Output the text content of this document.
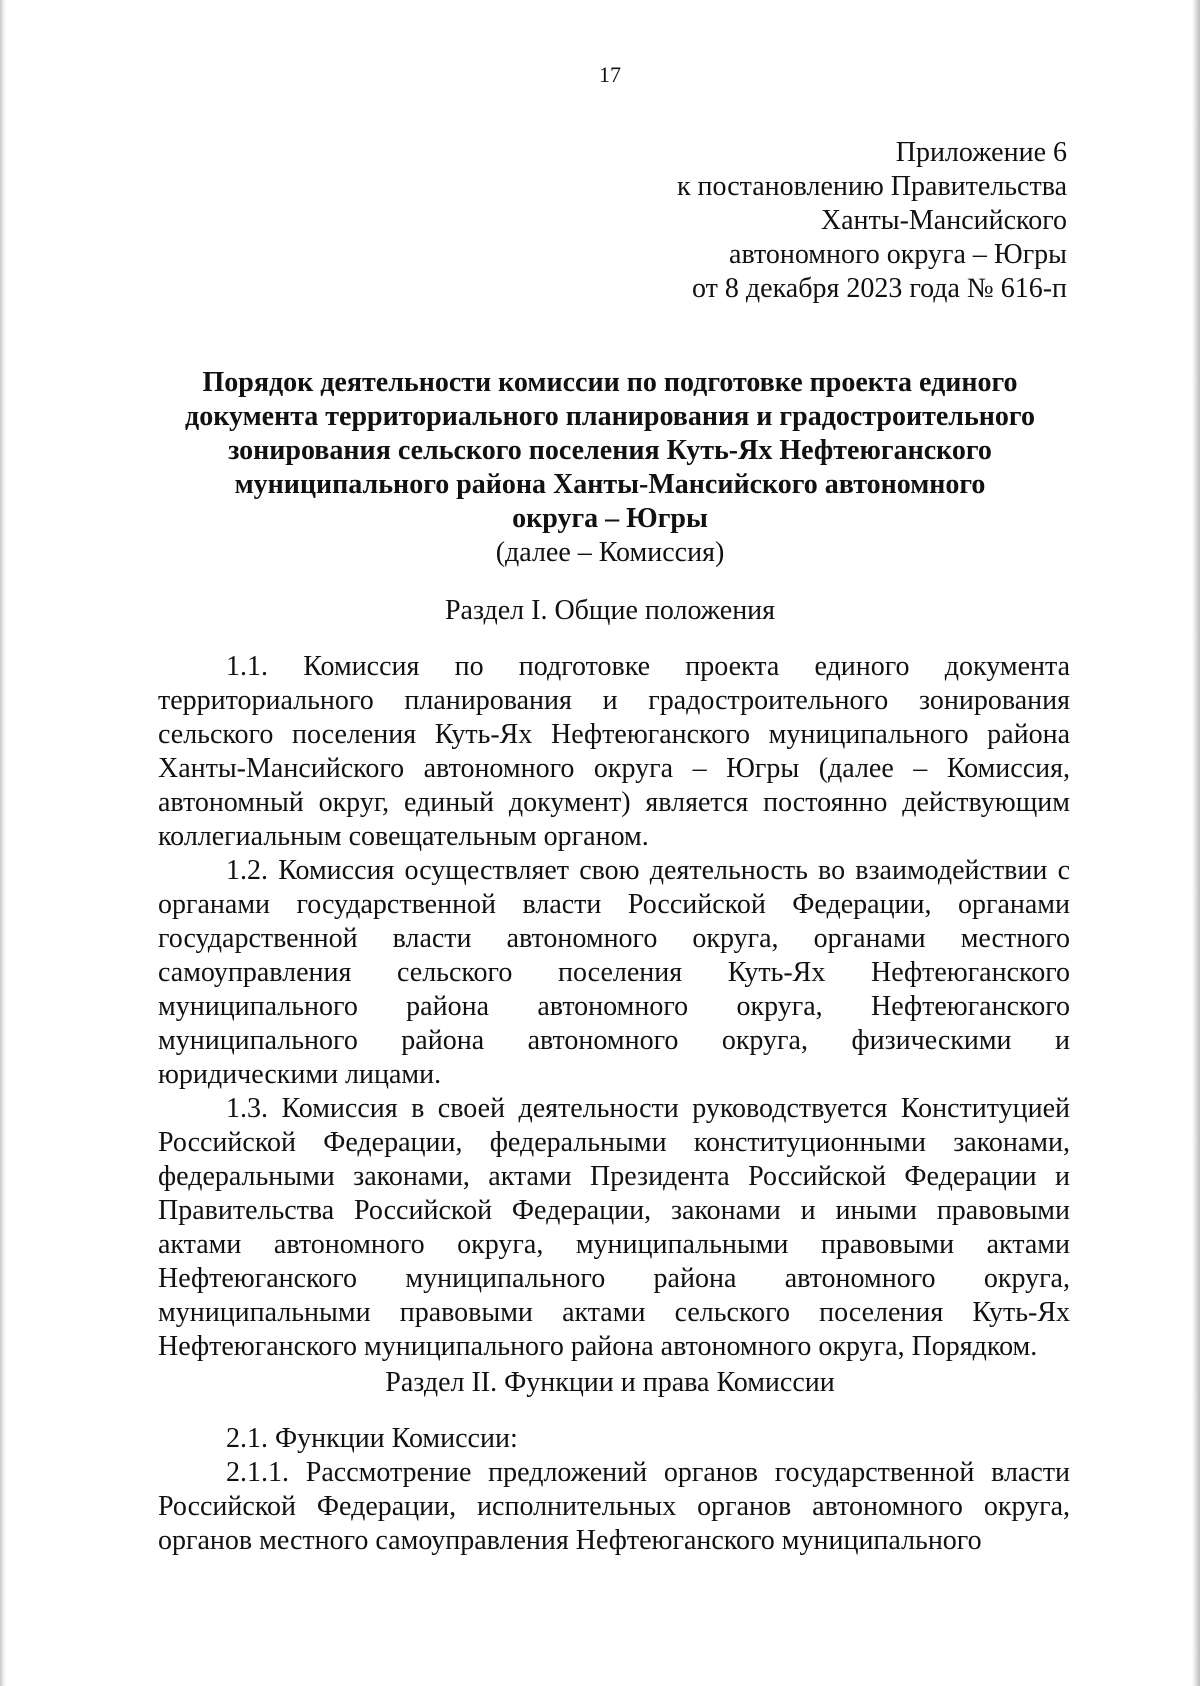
17
Приложение 6
к постановлению Правительства
Ханты-Мансийского
автономного округа – Югры
от 8 декабря 2023 года № 616-п
Порядок деятельности комиссии по подготовке проекта единого
документа территориального планирования и градостроительного
зонирования сельского поселения Куть-Ях Нефтеюганского
муниципального района Ханты-Мансийского автономного
округа – Югры
(далее – Комиссия)
Раздел I. Общие положения

1.1. Комиссия по подготовке проекта единого документа территориального планирования и градостроительного зонирования сельского поселения Куть-Ях Нефтеюганского муниципального района Ханты-Мансийского автономного округа – Югры (далее – Комиссия, автономный округ, единый документ) является постоянно действующим коллегиальным совещательным органом.

1.2. Комиссия осуществляет свою деятельность во взаимодействии с органами государственной власти Российской Федерации, органами государственной власти автономного округа, органами местного самоуправления сельского поселения Куть-Ях Нефтеюганского муниципального района автономного округа, Нефтеюганского муниципального района автономного округа, физическими и юридическими лицами.

1.3. Комиссия в своей деятельности руководствуется Конституцией Российской Федерации, федеральными конституционными законами, федеральными законами, актами Президента Российской Федерации и Правительства Российской Федерации, законами и иными правовыми актами автономного округа, муниципальными правовыми актами Нефтеюганского муниципального района автономного округа, муниципальными правовыми актами сельского поселения Куть-Ях Нефтеюганского муниципального района автономного округа, Порядком.

Раздел II. Функции и права Комиссии

2.1. Функции Комиссии:

2.1.1. Рассмотрение предложений органов государственной власти Российской Федерации, исполнительных органов автономного округа, органов местного самоуправления Нефтеюганского муниципального
